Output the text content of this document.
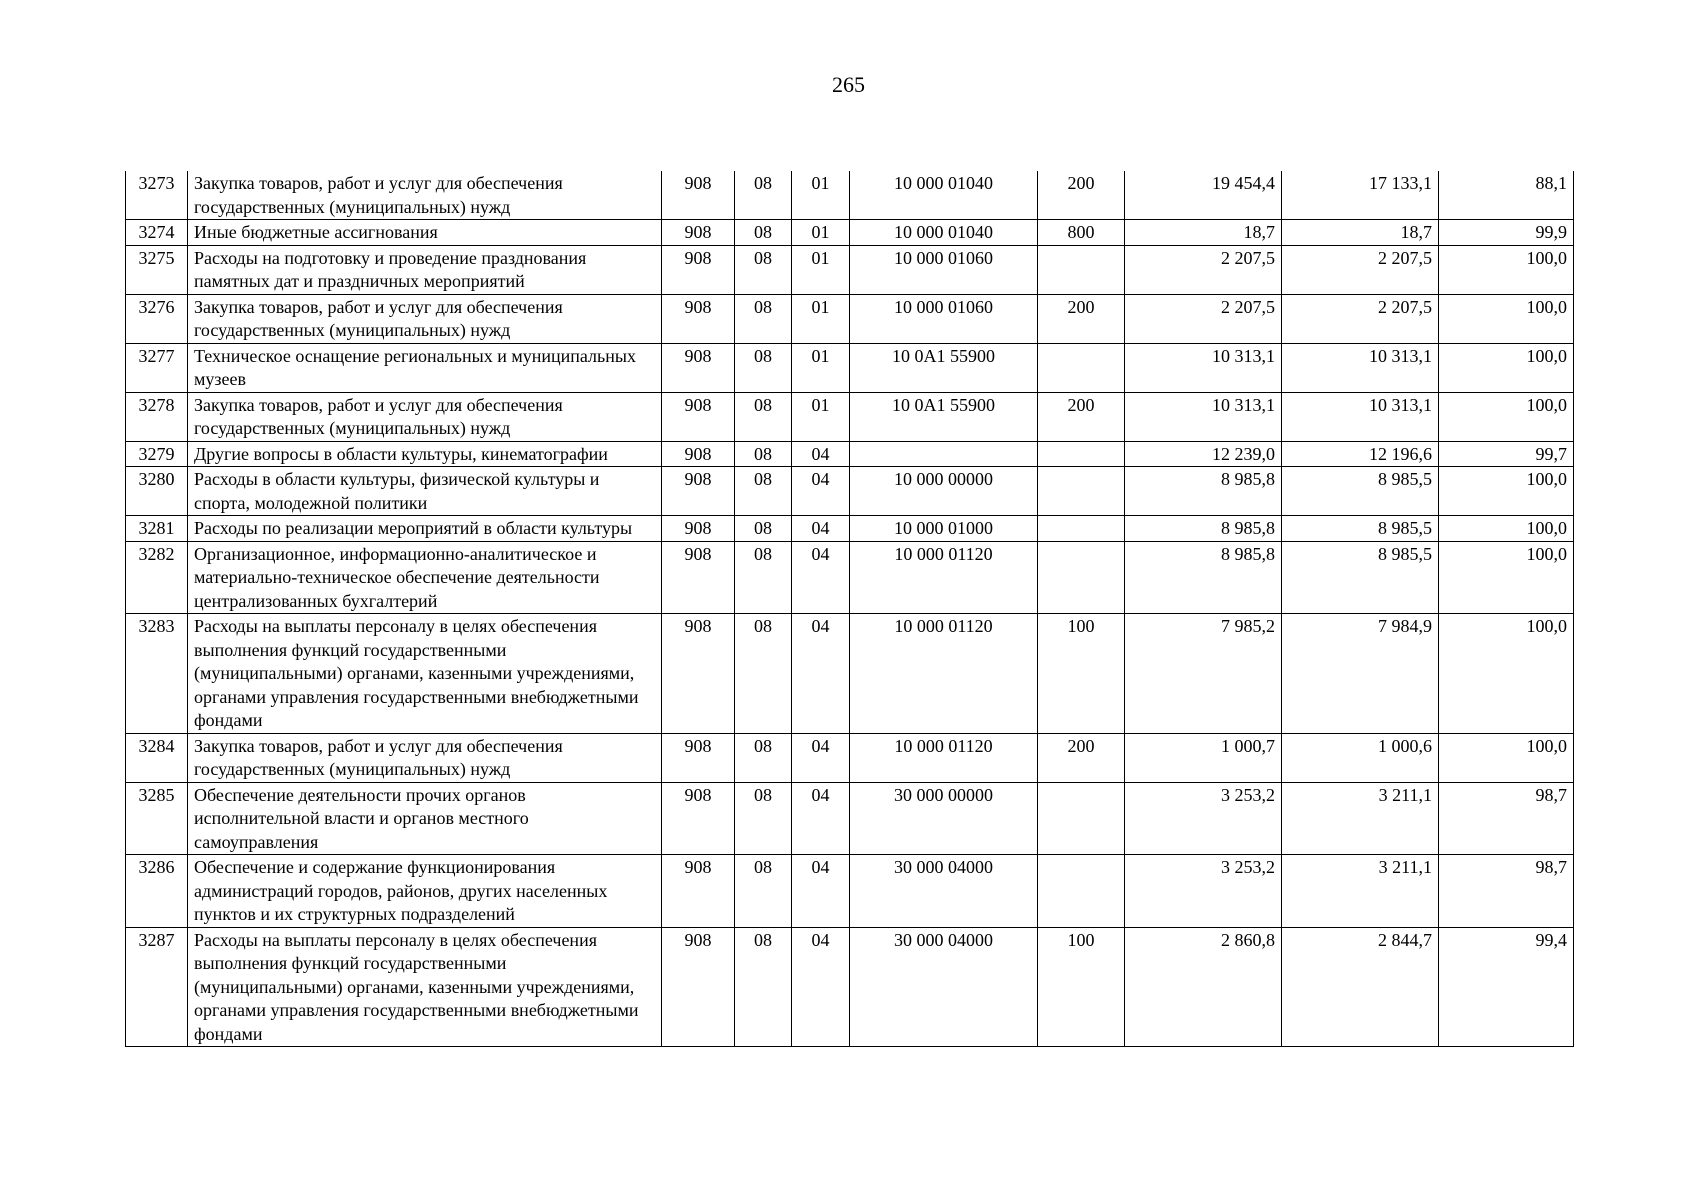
265
3273	Закупка товаров, работ и услуг для обеспечения государственных (муниципальных) нужд	908	08	01	10 000 01040	200	19 454,4	17 133,1	88,1
3274	Иные бюджетные ассигнования	908	08	01	10 000 01040	800	18,7	18,7	99,9
3275	Расходы на подготовку и проведение празднования памятных дат и праздничных мероприятий	908	08	01	10 000 01060		2 207,5	2 207,5	100,0
3276	Закупка товаров, работ и услуг для обеспечения государственных (муниципальных) нужд	908	08	01	10 000 01060	200	2 207,5	2 207,5	100,0
3277	Техническое оснащение региональных и муниципальных музеев	908	08	01	10 0A1 55900		10 313,1	10 313,1	100,0
3278	Закупка товаров, работ и услуг для обеспечения государственных (муниципальных) нужд	908	08	01	10 0A1 55900	200	10 313,1	10 313,1	100,0
3279	Другие вопросы в области культуры, кинематографии	908	08	04			12 239,0	12 196,6	99,7
3280	Расходы в области культуры, физической культуры и спорта, молодежной политики	908	08	04	10 000 00000		8 985,8	8 985,5	100,0
3281	Расходы по реализации мероприятий в области культуры	908	08	04	10 000 01000		8 985,8	8 985,5	100,0
3282	Организационное, информационно-аналитическое и материально-техническое обеспечение деятельности централизованных бухгалтерий	908	08	04	10 000 01120		8 985,8	8 985,5	100,0
3283	Расходы на выплаты персоналу в целях обеспечения выполнения функций государственными (муниципальными) органами, казенными учреждениями, органами управления государственными внебюджетными фондами	908	08	04	10 000 01120	100	7 985,2	7 984,9	100,0
3284	Закупка товаров, работ и услуг для обеспечения государственных (муниципальных) нужд	908	08	04	10 000 01120	200	1 000,7	1 000,6	100,0
3285	Обеспечение деятельности прочих органов исполнительной власти и органов местного самоуправления	908	08	04	30 000 00000		3 253,2	3 211,1	98,7
3286	Обеспечение и содержание функционирования администраций городов, районов, других населенных пунктов и их структурных подразделений	908	08	04	30 000 04000		3 253,2	3 211,1	98,7
3287	Расходы на выплаты персоналу в целях обеспечения выполнения функций государственными (муниципальными) органами, казенными учреждениями, органами управления государственными внебюджетными фондами	908	08	04	30 000 04000	100	2 860,8	2 844,7	99,4
